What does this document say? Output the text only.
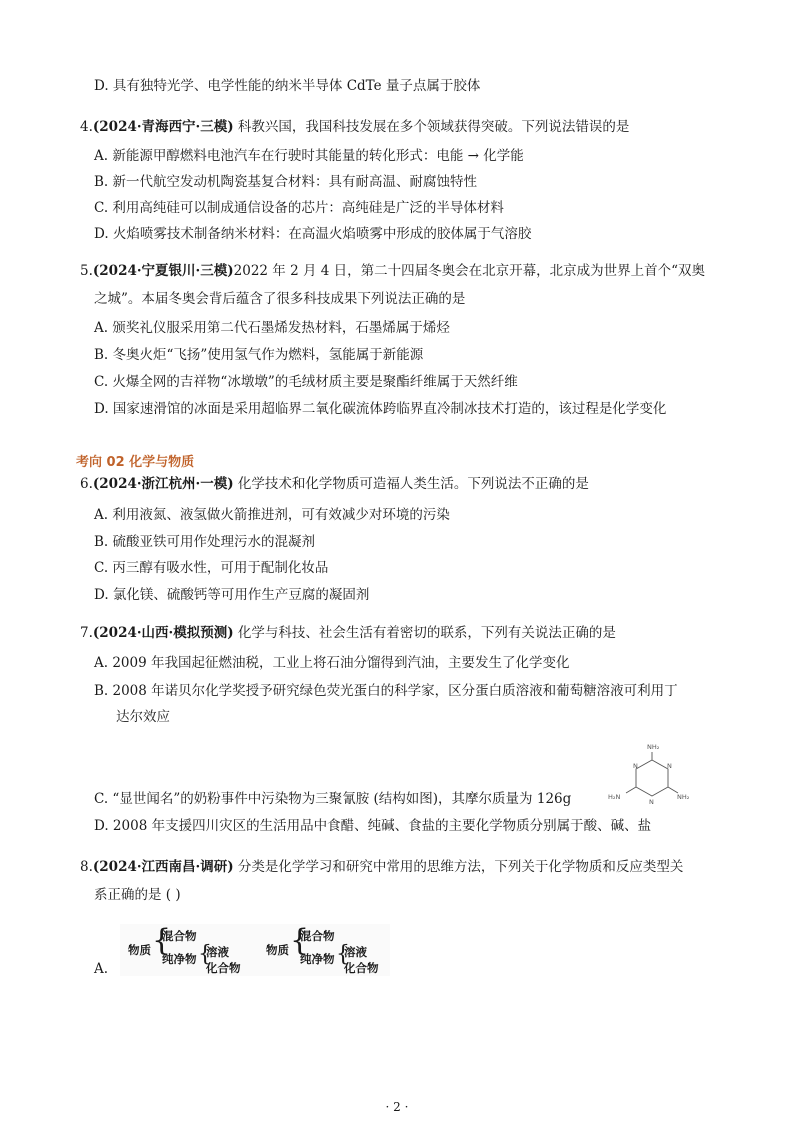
D. 具有独特光学、电学性能的纳米半导体 CdTe 量子点属于胶体
4.(2024·青海西宁·三模) 科教兴国，我国科技发展在多个领域获得突破。下列说法错误的是
A. 新能源甲醇燃料电池汽车在行驶时其能量的转化形式：电能 → 化学能
B. 新一代航空发动机陶瓷基复合材料：具有耐高温、耐腐蚀特性
C. 利用高纯硅可以制成通信设备的芯片：高纯硅是广泛的半导体材料
D. 火焰喷雾技术制备纳米材料：在高温火焰喷雾中形成的胶体属于气溶胶
5.(2024·宁夏银川·三模)2022 年 2 月 4 日，第二十四届冬奥会在北京开幕，北京成为世界上首个“双奥
之城”。本届冬奥会背后蕴含了很多科技成果下列说法正确的是
A. 颁奖礼仪服采用第二代石墨烯发热材料，石墨烯属于烯烃
B. 冬奥火炬“飞扬”使用氢气作为燃料，氢能属于新能源
C. 火爆全网的吉祥物“冰墩墩”的毛绒材质主要是聚酯纤维属于天然纤维
D. 国家速滑馆的冰面是采用超临界二氧化碳流体跨临界直冷制冰技术打造的，该过程是化学变化
考向 02 化学与物质
6.(2024·浙江杭州·一模) 化学技术和化学物质可造福人类生活。下列说法不正确的是
A. 利用液氮、液氢做火箭推进剂，可有效减少对环境的污染
B. 硫酸亚铁可用作处理污水的混凝剂
C. 丙三醇有吸水性，可用于配制化妆品
D. 氯化镁、硫酸钙等可用作生产豆腐的凝固剂
7.(2024·山西·模拟预测) 化学与科技、社会生活有着密切的联系，下列有关说法正确的是
A. 2009 年我国起征燃油税，工业上将石油分馏得到汽油，主要发生了化学变化
B. 2008 年诺贝尔化学奖授予研究绿色荧光蛋白的科学家，区分蛋白质溶液和葡萄糖溶液可利用丁
达尔效应
NH₂
N	N
N
H₂N	NH₂
C. “显世闻名”的奶粉事件中污染物为三聚氰胺 (结构如图)，其摩尔质量为 126g
D. 2008 年支援四川灾区的生活用品中食醋、纯碱、食盐的主要化学物质分别属于酸、碱、盐
8.(2024·江西南昌·调研) 分类是化学学习和研究中常用的思维方法，下列关于化学物质和反应类型关
系正确的是 ( )
A.
物质 {
混合物
纯净物 {
溶液
化合物
物质 {
混合物
纯净物 {
溶液
化合物
· 2 ·
